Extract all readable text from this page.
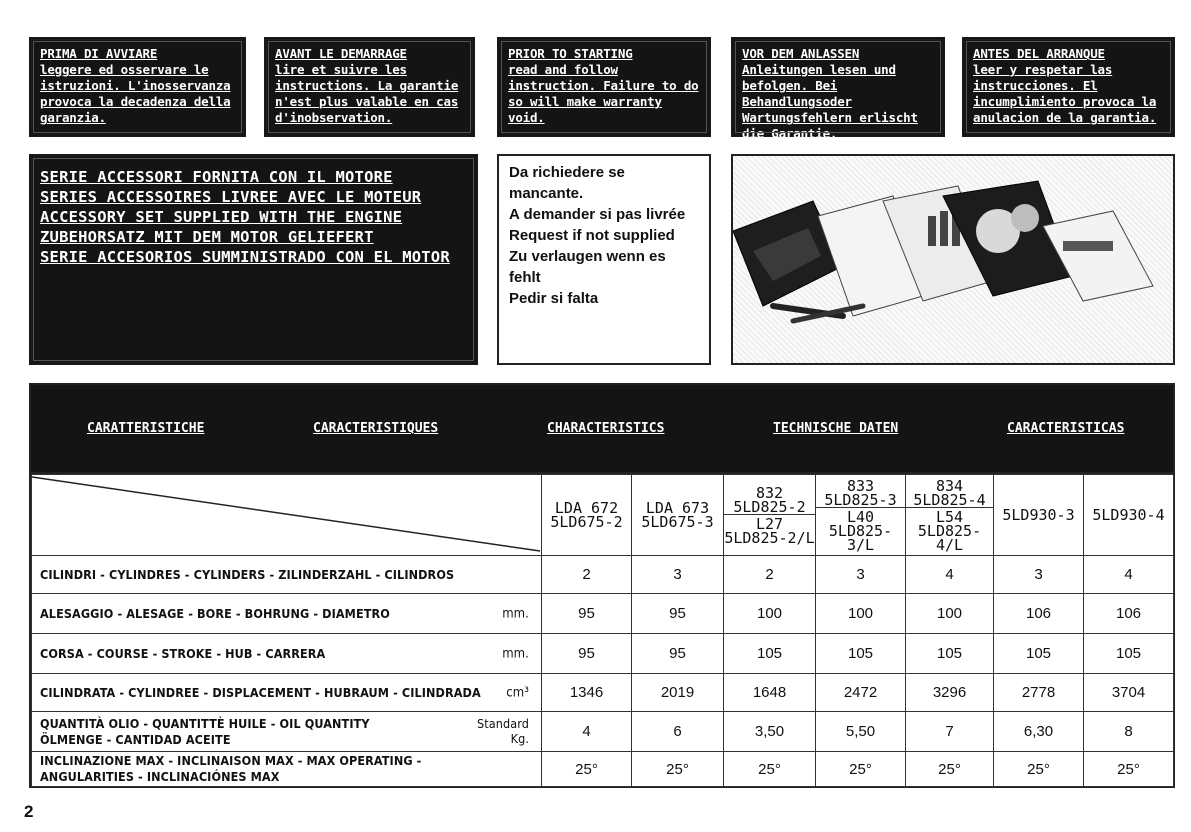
PRIMA DI AVVIARE
leggere ed osservare le istruzioni. L'inosservanza provoca la decadenza della garanzia.
AVANT LE DEMARRAGE
lire et suivre les instructions. La garantie n'est plus valable en cas d'inobservation.
PRIOR TO STARTING
read and follow instruction. Failure to do so will make warranty void.
VOR DEM ANLASSEN
Anleitungen lesen und befolgen. Bei Behandlungsoder Wartungsfehlern erlischt die Garantie.
ANTES DEL ARRANQUE
leer y respetar las instrucciones. El incumplimiento provoca la anulacion de la garantia.
SERIE ACCESSORI FORNITA CON IL MOTORE
SERIES ACCESSOIRES LIVREE AVEC LE MOTEUR
ACCESSORY SET SUPPLIED WITH THE ENGINE
ZUBEHORSATZ MIT DEM MOTOR GELIEFERT
SERIE ACCESORIOS SUMMINISTRADO CON EL MOTOR
Da richiedere se
mancante.
A demander si pas livrée
Request if not supplied
Zu verlaugen wenn es
fehlt
Pedir si falta
CARATTERISTICHE	CARACTERISTIQUES	CHARACTERISTICS	TECHNISCHE DATEN	CARACTERISTICAS
	LDA 672
5LD675-2	LDA 673
5LD675-3	832
5LD825-2
L27
5LD825-2/L	833
5LD825-3
L40
5LD825-3/L	834
5LD825-4
L54
5LD825-4/L	5LD930-3	5LD930-4
CILINDRI - CYLINDRES - CYLINDERS - ZILINDERZAHL - CILINDROS	2	3	2	3	4	3	4
ALESAGGIO - ALESAGE - BORE - BOHRUNG - DIAMETRO mm.	95	95	100	100	100	106	106
CORSA - COURSE - STROKE - HUB - CARRERA mm.	95	95	105	105	105	105	105
CILINDRATA - CYLINDREE - DISPLACEMENT - HUBRAUM - CILINDRADA cm³	1346	2019	1648	2472	3296	2778	3704
QUANTITÀ OLIO - QUANTITTÈ HUILE - OIL QUANTITY
ÖLMENGE - CANTIDAD ACEITE
Standard
Kg.	4	6	3,50	5,50	7	6,30	8
INCLINAZIONE MAX - INCLINAISON MAX - MAX OPERATING -
ANGULARITIES - INCLINACIÓNES MAX	25°	25°	25°	25°	25°	25°	25°
2
